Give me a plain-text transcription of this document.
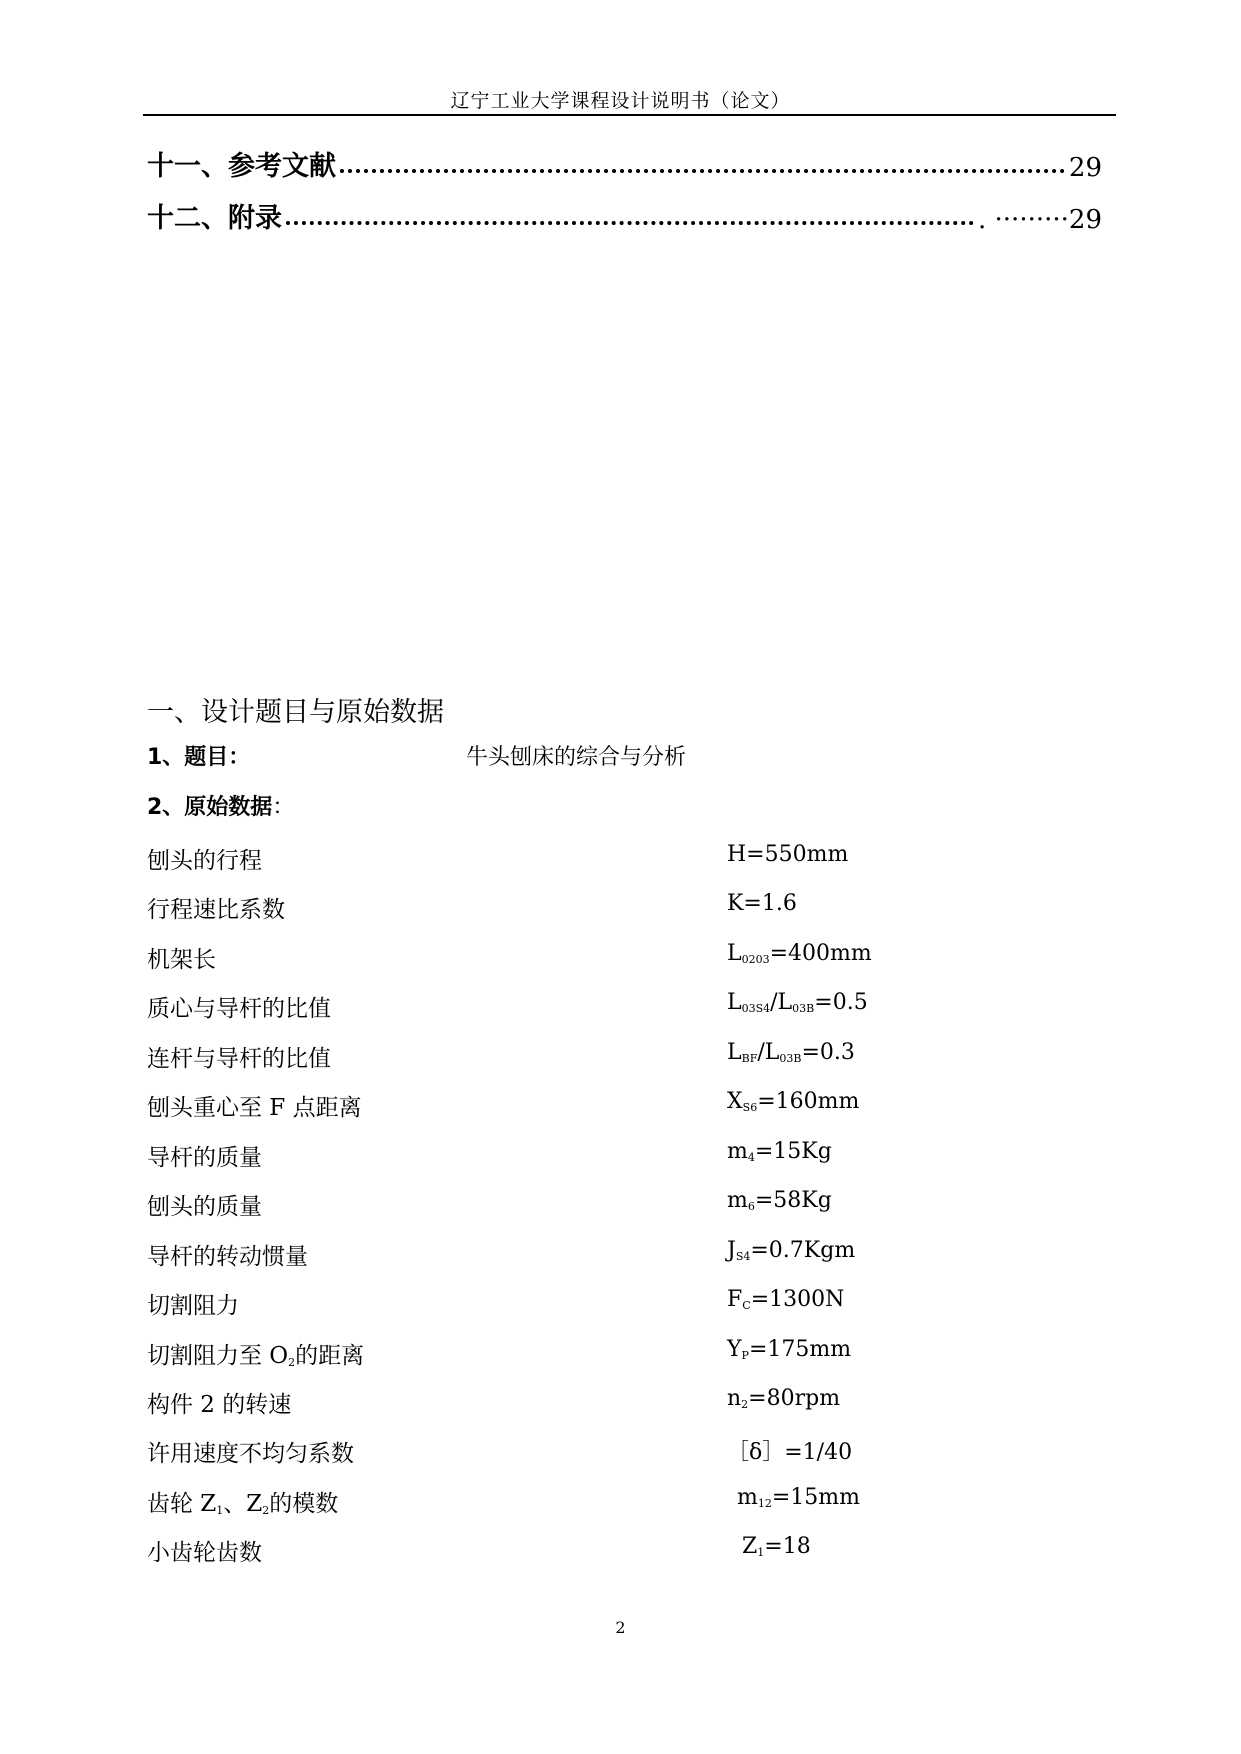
辽宁工业大学课程设计说明书（论文）
十一、参考文献	29
十二、附录	. ·········29
一、设计题目与原始数据
1、题目：	牛头刨床的综合与分析
2、原始数据：
刨头的行程	H=550mm
行程速比系数	K=1.6
机架长	$L_{0203}=400mm$
质心与导杆的比值	$L_{03S4}/L_{03B}=0.5$
连杆与导杆的比值	$L_{BF}/L_{03B}=0.3$
刨头重心至 F 点距离	$X_{S6}=160mm$
导杆的质量	$m_4=15Kg$
刨头的质量	$m_6=58Kg$
导杆的转动惯量	$J_{S4}=0.7Kgm$
切割阻力	$F_C=1300N$
切割阻力至 $O_2$的距离	$Y_P=175mm$
构件 2 的转速	$n_2=80rpm$
许用速度不均匀系数	［δ］=1/40
齿轮 $Z_1$、$Z_2$的模数	$m_{12}=15mm$
小齿轮齿数	$Z_1=18$
2
